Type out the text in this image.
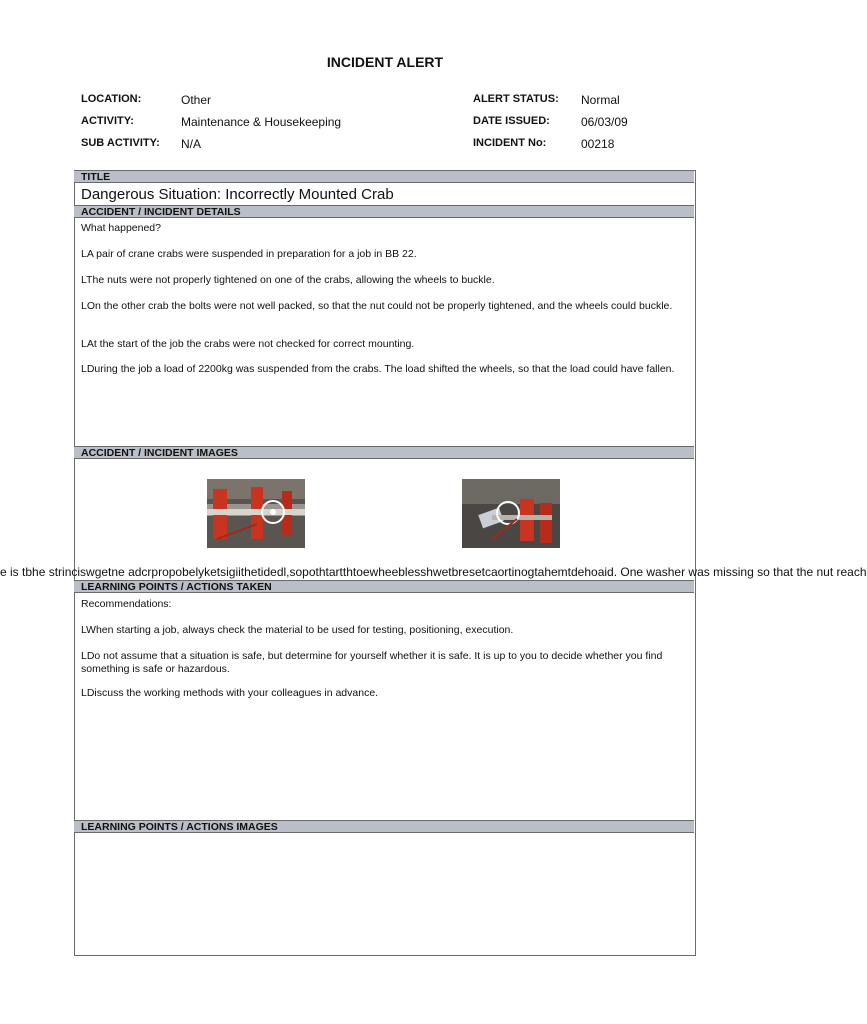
INCIDENT ALERT
LOCATION:	Other
ACTIVITY:	Maintenance & Housekeeping
SUB ACTIVITY: N/A
ALERT STATUS: Normal
DATE ISSUED:	06/03/09
INCIDENT No:	00218
TITLE
Dangerous Situation: Incorrectly Mounted Crab
ACCIDENT / INCIDENT DETAILS
What happened?
LA pair of crane crabs were suspended in preparation for a job in BB 22.
LThe nuts were not properly tightened on one of the crabs, allowing the wheels to buckle.
LOn the other crab the bolts were not well packed, so that the nut could not be properly tightened, and the wheels could buckle.
LAt the start of the job the crabs were not checked for correct mounting.
LDuring the job a load of 2200kg was suspended from the crabs. The load shifted the wheels, so that the load could have fallen.
ACCIDENT / INCIDENT IMAGES
e is tbhe strinciswgetne adcrpropobelyketsigiithetidedl,sopothtartthtoewheeblesshwetbresetcaortinogtahemtdehoaid. One washer was missing so that the nut reach
LEARNING POINTS / ACTIONS TAKEN
Recommendations:
LWhen starting a job, always check the material to be used for testing, positioning, execution.
LDo not assume that a situation is safe, but determine for yourself whether it is safe. It is up to you to decide whether you find something is safe or hazardous.
LDiscuss the working methods with your colleagues in advance.
LEARNING POINTS / ACTIONS IMAGES
